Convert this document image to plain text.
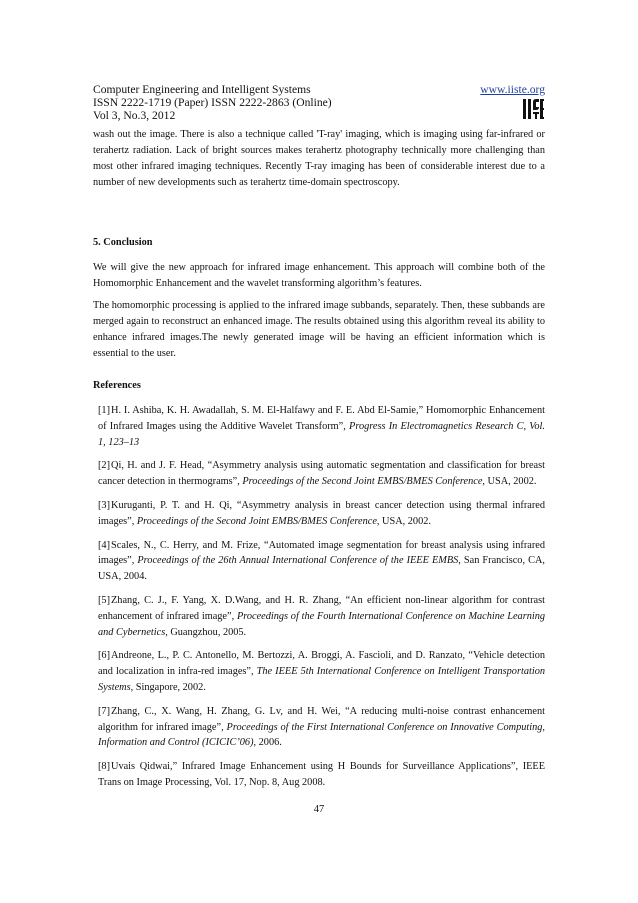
Computer Engineering and Intelligent Systems
ISSN 2222-1719 (Paper) ISSN 2222-2863 (Online)
Vol 3, No.3, 2012
www.iiste.org

wash out the image. There is also a technique called 'T-ray' imaging, which is imaging using far-infrared or terahertz radiation. Lack of bright sources makes terahertz photography technically more challenging than most other infrared imaging techniques. Recently T-ray imaging has been of considerable interest due to a number of new developments such as terahertz time-domain spectroscopy.

5. Conclusion

We will give the new approach for infrared image enhancement. This approach will combine both of the Homomorphic Enhancement and the wavelet transforming algorithm’s features.

The homomorphic processing is applied to the infrared image subbands, separately. Then, these subbands are merged again to reconstruct an enhanced image. The results obtained using this algorithm reveal its ability to enhance infrared images.The newly generated image will be having an efficient information which is essential to the user.

References
[1]H. I. Ashiba, K. H. Awadallah, S. M. El-Halfawy and F. E. Abd El-Samie,” Homomorphic Enhancement of Infrared Images using the Additive Wavelet Transform”, Progress In Electromagnetics Research C, Vol. 1, 123–13
[2]Qi, H. and J. F. Head, “Asymmetry analysis using automatic segmentation and classification for breast cancer detection in thermograms”, Proceedings of the Second Joint EMBS/BMES Conference, USA, 2002.
[3]Kuruganti, P. T. and H. Qi, “Asymmetry analysis in breast cancer detection using thermal infrared images”, Proceedings of the Second Joint EMBS/BMES Conference, USA, 2002.
[4]Scales, N., C. Herry, and M. Frize, “Automated image segmentation for breast analysis using infrared images”, Proceedings of the 26th Annual International Conference of the IEEE EMBS, San Francisco, CA, USA, 2004.
[5]Zhang, C. J., F. Yang, X. D.Wang, and H. R. Zhang, “An efficient non-linear algorithm for contrast enhancement of infrared image”, Proceedings of the Fourth International Conference on Machine Learning and Cybernetics, Guangzhou, 2005.
[6]Andreone, L., P. C. Antonello, M. Bertozzi, A. Broggi, A. Fascioli, and D. Ranzato, “Vehicle detection and localization in infra-red images”, The IEEE 5th International Conference on Intelligent Transportation Systems, Singapore, 2002.
[7]Zhang, C., X. Wang, H. Zhang, G. Lv, and H. Wei, “A reducing multi-noise contrast enhancement algorithm for infrared image”, Proceedings of the First International Conference on Innovative Computing, Information and Control (ICICIC’06), 2006.
[8]Uvais Qidwai,” Infrared Image Enhancement using H Bounds for Surveillance Applications”, IEEE Trans on Image Processing, Vol. 17, Nop. 8, Aug 2008.
47
